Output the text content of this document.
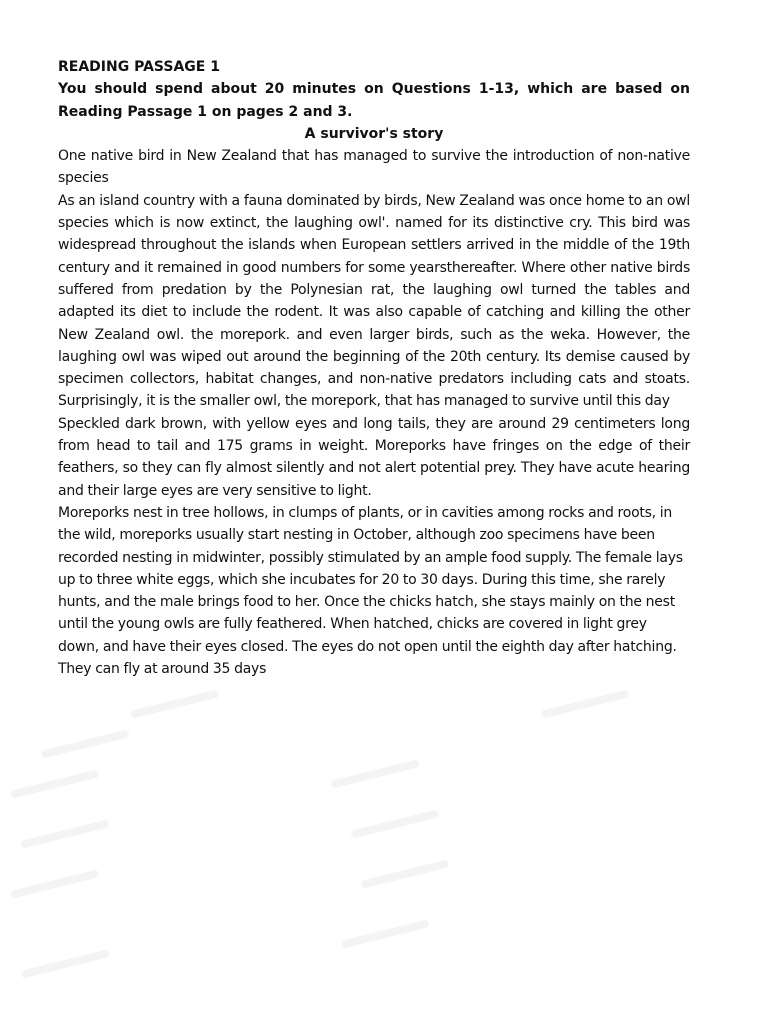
READING PASSAGE 1

You should spend about 20 minutes on Questions 1-13, which are based on Reading Passage 1 on pages 2 and 3.

A survivor's story

One native bird in New Zealand that has managed to survive the introduction of non-native species

As an island country with a fauna dominated by birds, New Zealand was once home to an owl species which is now extinct, the laughing owl'. named for its distinctive cry. This bird was widespread throughout the islands when European settlers arrived in the middle of the 19th century and it remained in good numbers for some yearsthereafter. Where other native birds suffered from predation by the Polynesian rat, the laughing owl turned the tables and adapted its diet to include the rodent. It was also capable of catching and killing the other New Zealand owl. the morepork. and even larger birds, such as the weka. However, the laughing owl was wiped out around the beginning of the 20th century. Its demise caused by specimen collectors, habitat changes, and non-native predators including cats and stoats. Surprisingly, it is the smaller owl, the morepork, that has managed to survive until this day

Speckled dark brown, with yellow eyes and long tails, they are around 29 centimeters long from head to tail and 175 grams in weight. Moreporks have fringes on the edge of their feathers, so they can fly almost silently and not alert potential prey. They have acute hearing and their large eyes are very sensitive to light.

Moreporks nest in tree hollows, in clumps of plants, or in cavities among rocks and roots, in the wild, moreporks usually start nesting in October, although zoo specimens have been recorded nesting in midwinter, possibly stimulated by an ample food supply. The female lays up to three white eggs, which she incubates for 20 to 30 days. During this time, she rarely hunts, and the male brings food to her. Once the chicks hatch, she stays mainly on the nest until the young owls are fully feathered. When hatched, chicks are covered in light grey down, and have their eyes closed. The eyes do not open until the eighth day after hatching. They can fly at around 35 days
